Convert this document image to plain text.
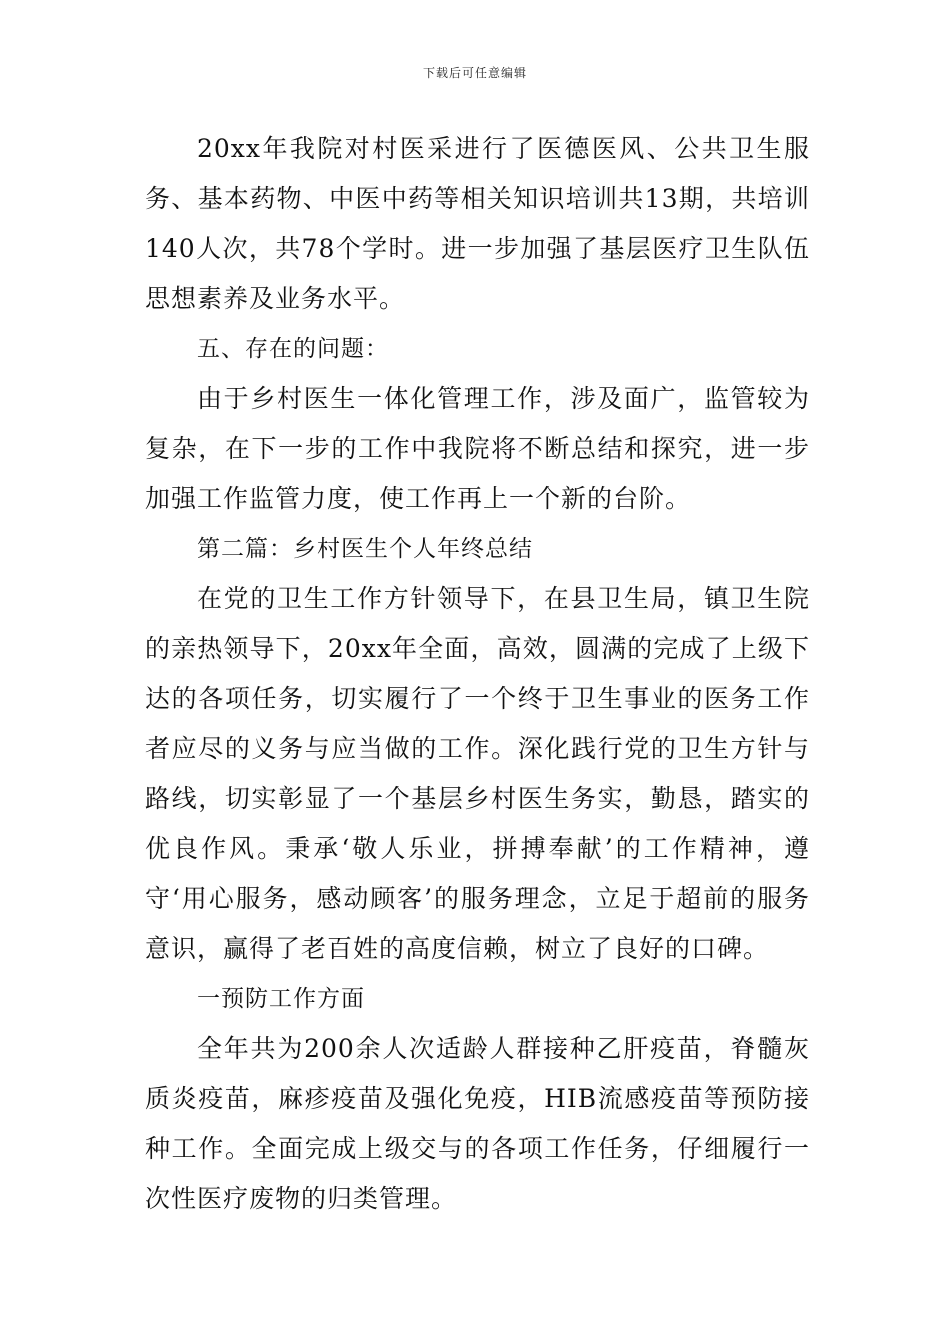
下载后可任意编辑

20xx年我院对村医采进行了医德医风、公共卫生服务、基本药物、中医中药等相关知识培训共13期，共培训140人次，共78个学时。进一步加强了基层医疗卫生队伍思想素养及业务水平。

五、存在的问题：

由于乡村医生一体化管理工作，涉及面广，监管较为复杂，在下一步的工作中我院将不断总结和探究，进一步加强工作监管力度，使工作再上一个新的台阶。

第二篇：乡村医生个人年终总结

在党的卫生工作方针领导下，在县卫生局，镇卫生院的亲热领导下，20xx年全面，高效，圆满的完成了上级下达的各项任务，切实履行了一个终于卫生事业的医务工作者应尽的义务与应当做的工作。深化践行党的卫生方针与路线，切实彰显了一个基层乡村医生务实，勤恳，踏实的优良作风。秉承‘敬人乐业，拼搏奉献’的工作精神，遵守‘用心服务，感动顾客’的服务理念，立足于超前的服务意识，赢得了老百姓的高度信赖，树立了良好的口碑。

一预防工作方面

全年共为200余人次适龄人群接种乙肝疫苗，脊髓灰质炎疫苗，麻疹疫苗及强化免疫，HIB流感疫苗等预防接种工作。全面完成上级交与的各项工作任务，仔细履行一次性医疗废物的归类管理。
